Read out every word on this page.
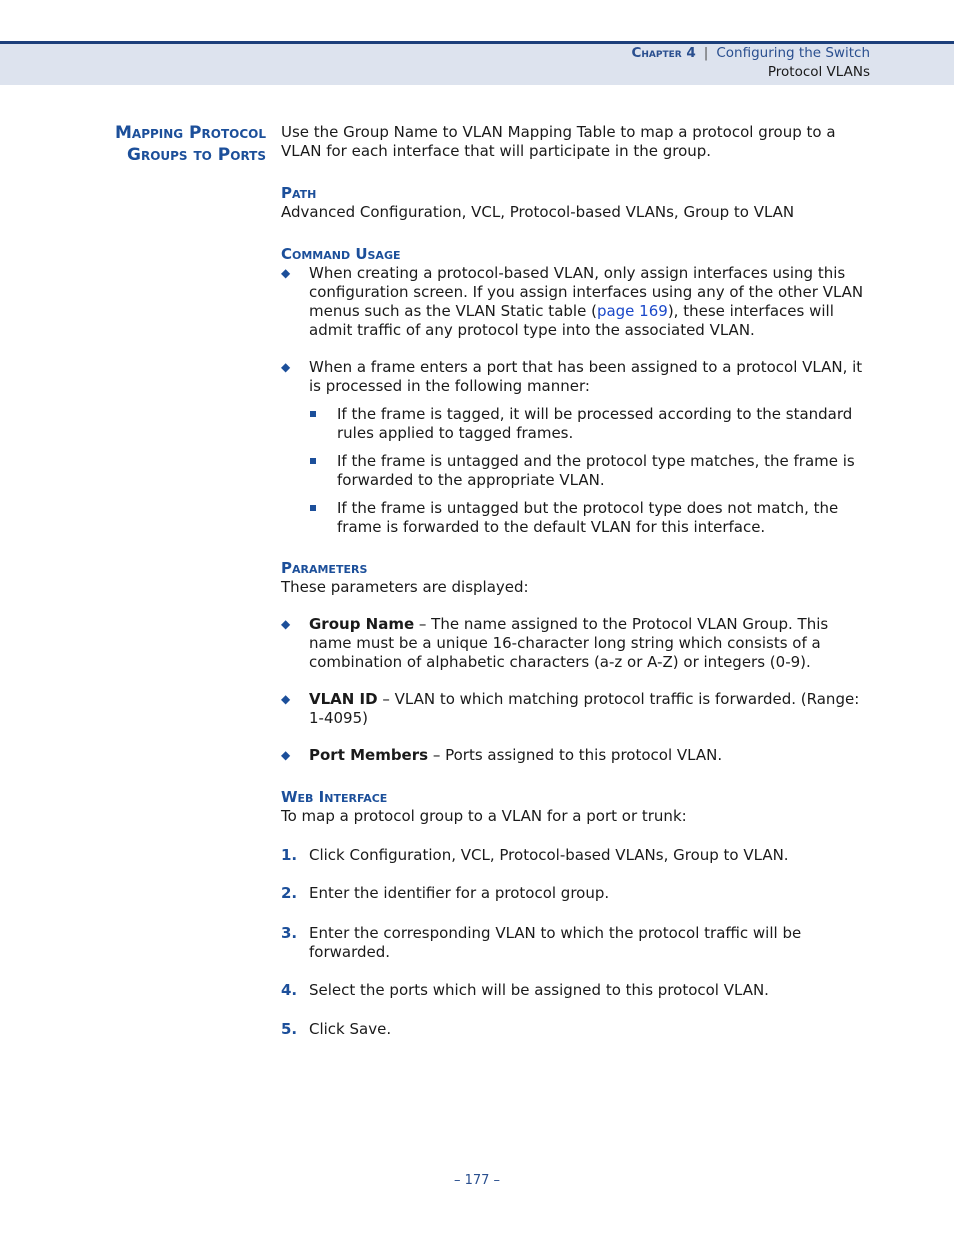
Chapter 4 | Configuring the Switch
Protocol VLANs
Mapping Protocol
Groups to Ports

Use the Group Name to VLAN Mapping Table to map a protocol group to a VLAN for each interface that will participate in the group.

Path

Advanced Configuration, VCL, Protocol-based VLANs, Group to VLAN

Command Usage

◆ When creating a protocol-based VLAN, only assign interfaces using this configuration screen. If you assign interfaces using any of the other VLAN menus such as the VLAN Static table (page 169), these interfaces will admit traffic of any protocol type into the associated VLAN.
◆ When a frame enters a port that has been assigned to a protocol VLAN, it is processed in the following manner:
If the frame is tagged, it will be processed according to the standard rules applied to tagged frames.
If the frame is untagged and the protocol type matches, the frame is forwarded to the appropriate VLAN.
If the frame is untagged but the protocol type does not match, the frame is forwarded to the default VLAN for this interface.

Parameters

These parameters are displayed:

◆ Group Name – The name assigned to the Protocol VLAN Group. This name must be a unique 16-character long string which consists of a combination of alphabetic characters (a-z or A-Z) or integers (0-9).
◆ VLAN ID – VLAN to which matching protocol traffic is forwarded. (Range: 1-4095)
◆ Port Members – Ports assigned to this protocol VLAN.

Web Interface

To map a protocol group to a VLAN for a port or trunk:

1. Click Configuration, VCL, Protocol-based VLANs, Group to VLAN.
2. Enter the identifier for a protocol group.
3. Enter the corresponding VLAN to which the protocol traffic will be forwarded.
4. Select the ports which will be assigned to this protocol VLAN.
5. Click Save.
– 177 –
